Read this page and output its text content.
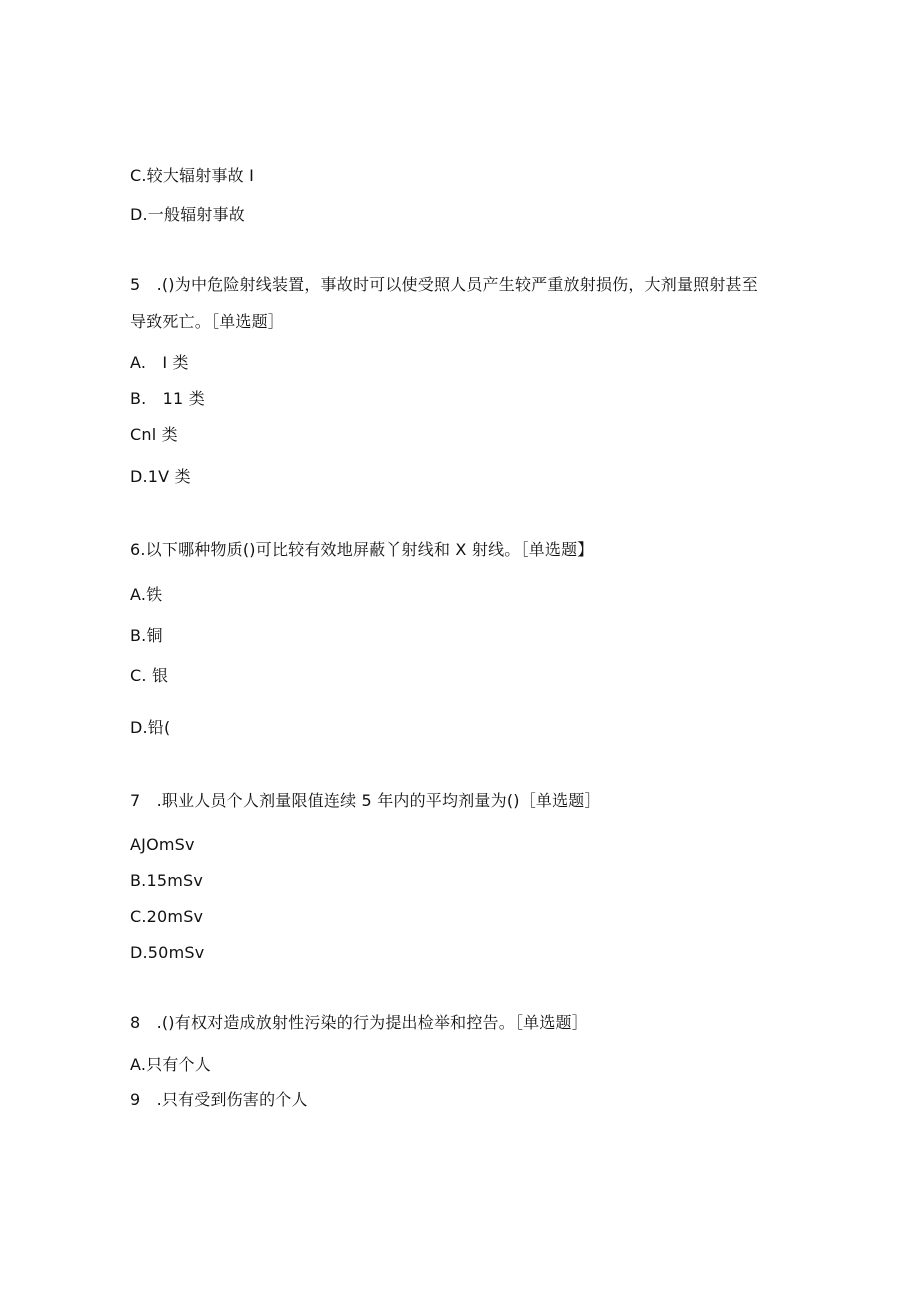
C.较大辐射事故 I
D.一般辐射事故
5　.()为中危险射线装置，事故时可以使受照人员产生较严重放射损伤，大剂量照射甚至
导致死亡。［单选题］
A.　I 类
B.　11 类
Cnl 类
D.1V 类
6.以下哪种物质()可比较有效地屏蔽丫射线和 X 射线。［单选题】
A.铁
B.铜
C. 银
D.铅(
7　.职业人员个人剂量限值连续 5 年内的平均剂量为()［单选题］
AJOmSv
B.15mSv
C.20mSv
D.50mSv
8　.()有权对造成放射性污染的行为提出检举和控告。［单选题］
A.只有个人
9　.只有受到伤害的个人
